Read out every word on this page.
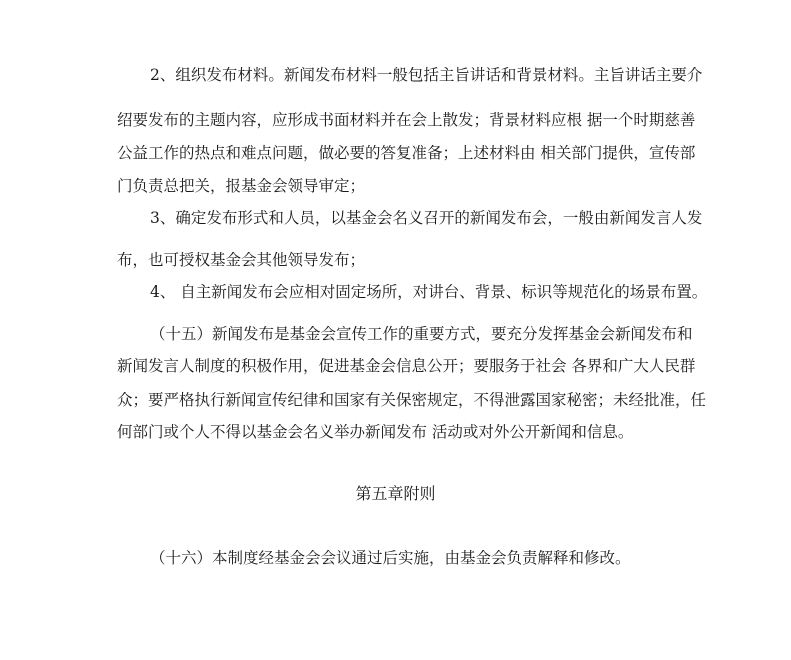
2、组织发布材料。新闻发布材料一般包括主旨讲话和背景材料。主旨讲话主要介
绍要发布的主题内容，应形成书面材料并在会上散发；背景材料应根 据一个时期慈善
公益工作的热点和难点问题，做必要的答复准备；上述材料由 相关部门提供，宣传部
门负责总把关，报基金会领导审定；
3、确定发布形式和人员，以基金会名义召开的新闻发布会，一般由新闻发言人发
布，也可授权基金会其他领导发布；
4、 自主新闻发布会应相对固定场所，对讲台、背景、标识等规范化的场景布置。
（十五）新闻发布是基金会宣传工作的重要方式，要充分发挥基金会新闻发布和
新闻发言人制度的积极作用，促进基金会信息公开；要服务于社会 各界和广大人民群
众；要严格执行新闻宣传纪律和国家有关保密规定，不得泄露国家秘密；未经批准，任
何部门或个人不得以基金会名义举办新闻发布 活动或对外公开新闻和信息。
第五章附则
（十六）本制度经基金会会议通过后实施，由基金会负责解释和修改。
